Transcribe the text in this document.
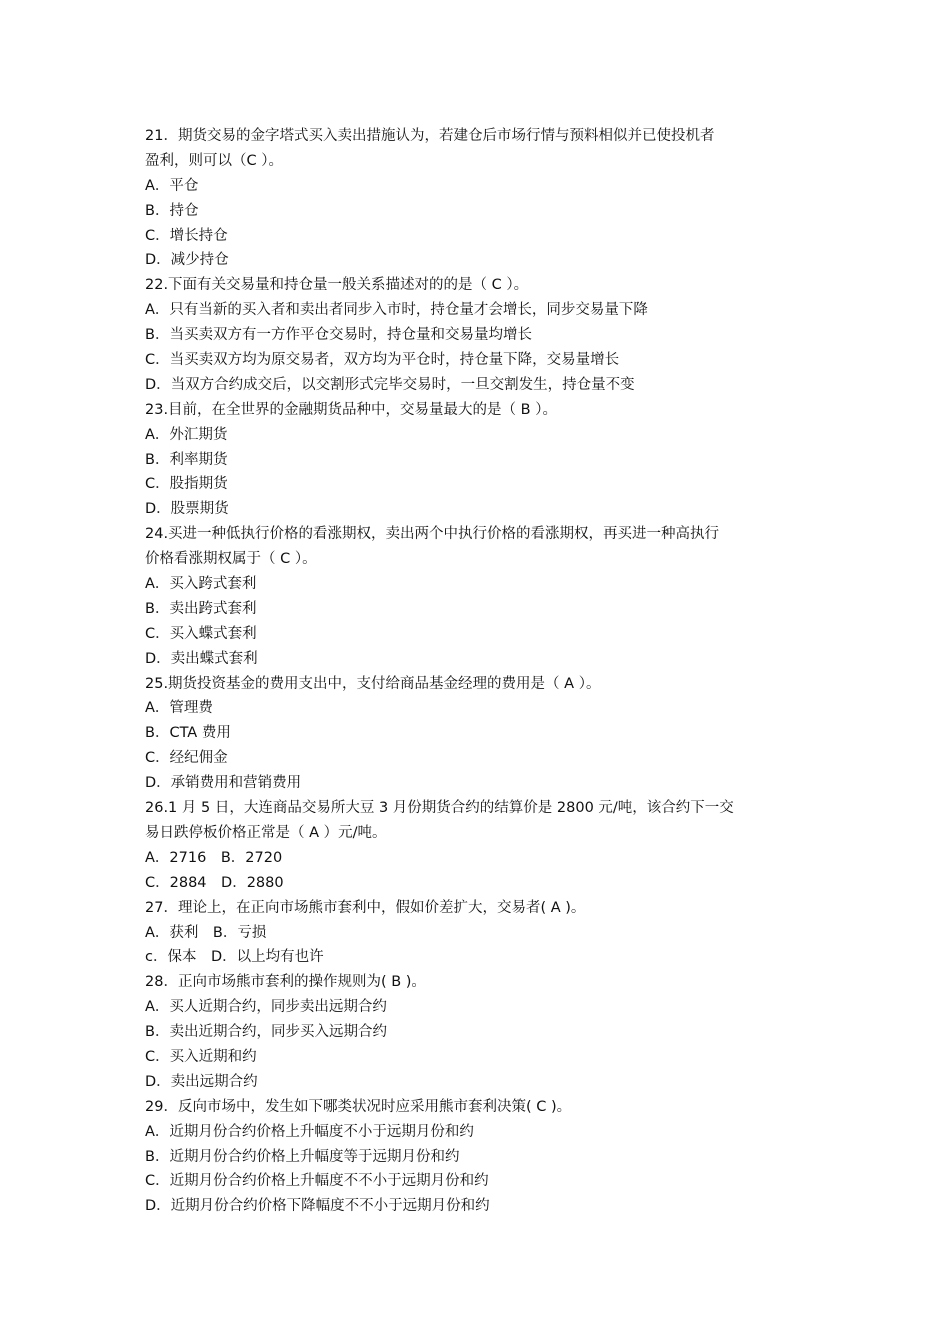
21．期货交易的金字塔式买入卖出措施认为，若建仓后市场行情与预料相似并已使投机者
盈利，则可以（C ）。
A．平仓
B．持仓
C．增长持仓
D．减少持仓
22.下面有关交易量和持仓量一般关系描述对的的是（ C ）。
A．只有当新的买入者和卖出者同步入市时，持仓量才会增长，同步交易量下降
B．当买卖双方有一方作平仓交易时，持仓量和交易量均增长
C．当买卖双方均为原交易者，双方均为平仓时，持仓量下降，交易量增长
D．当双方合约成交后，以交割形式完毕交易时，一旦交割发生，持仓量不变
23.目前，在全世界的金融期货品种中，交易量最大的是（ B ）。
A．外汇期货
B．利率期货
C．股指期货
D．股票期货
24.买进一种低执行价格的看涨期权，卖出两个中执行价格的看涨期权，再买进一种高执行
价格看涨期权属于（ C ）。
A．买入跨式套利
B．卖出跨式套利
C．买入蝶式套利
D．卖出蝶式套利
25.期货投资基金的费用支出中，支付给商品基金经理的费用是（ A ）。
A．管理费
B．CTA 费用
C．经纪佣金
D．承销费用和营销费用
26.1 月 5 日，大连商品交易所大豆 3 月份期货合约的结算价是 2800 元/吨，该合约下一交
易日跌停板价格正常是（ A ）元/吨。
A．2716　B．2720
C．2884　D．2880
27．理论上，在正向市场熊市套利中，假如价差扩大，交易者( A )。
A．获利　B．亏损
c．保本　D．以上均有也许
28．正向市场熊市套利的操作规则为( B )。
A．买人近期合约，同步卖出远期合约
B．卖出近期合约，同步买入远期合约
C．买入近期和约
D．卖出远期合约
29．反向市场中，发生如下哪类状况时应采用熊市套利决策( C )。
A．近期月份合约价格上升幅度不小于远期月份和约
B．近期月份合约价格上升幅度等于远期月份和约
C．近期月份合约价格上升幅度不不小于远期月份和约
D．近期月份合约价格下降幅度不不小于远期月份和约
